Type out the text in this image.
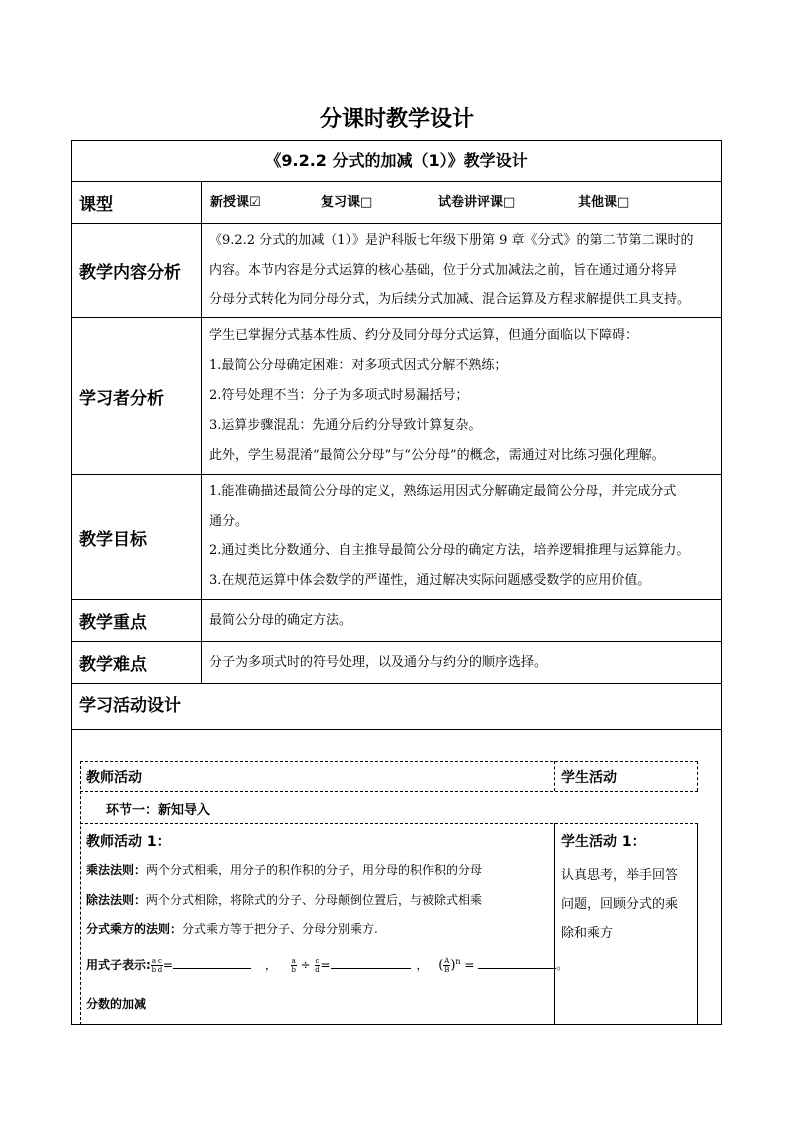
分课时教学设计
《9.2.2 分式的加减（1）》教学设计
课型	新授课☑	复习课□	试卷讲评课□	其他课□
教学内容分析
《9.2.2 分式的加减（1）》是沪科版七年级下册第 9 章《分式》的第二节第二课时的
内容。本节内容是分式运算的核心基础，位于分式加减法之前，旨在通过通分将异
分母分式转化为同分母分式，为后续分式加减、混合运算及方程求解提供工具支持。
学习者分析
学生已掌握分式基本性质、约分及同分母分式运算，但通分面临以下障碍：
1.最简公分母确定困难：对多项式因式分解不熟练；
2.符号处理不当：分子为多项式时易漏括号；
3.运算步骤混乱：先通分后约分导致计算复杂。
此外，学生易混淆“最简公分母”与“公分母”的概念，需通过对比练习强化理解。
教学目标
1.能准确描述最简公分母的定义，熟练运用因式分解确定最简公分母，并完成分式
通分。
2.通过类比分数通分、自主推导最简公分母的确定方法，培养逻辑推理与运算能力。
3.在规范运算中体会数学的严谨性，通过解决实际问题感受数学的应用价值。
教学重点	最简公分母的确定方法。
教学难点	分子为多项式时的符号处理，以及通分与约分的顺序选择。
学习活动设计
教师活动	学生活动
环节一：新知导入
教师活动 1：
乘法法则：两个分式相乘，用分子的积作积的分子，用分母的积作积的分母
除法法则：两个分式相除，将除式的分子、分母颠倒位置后，与被除式相乘
分式乘方的法则：分式乘方等于把分子、分母分别乘方.
用式子表示: $\frac{a}{b} \frac{c}{d}$ =	， $\frac{a}{b} \div \frac{c}{d}$ =	， ( $\frac{A}{B} )^n$ =	。
分数的加减
学生活动 1：
认真思考，举手回答
问题，回顾分式的乘
除和乘方
